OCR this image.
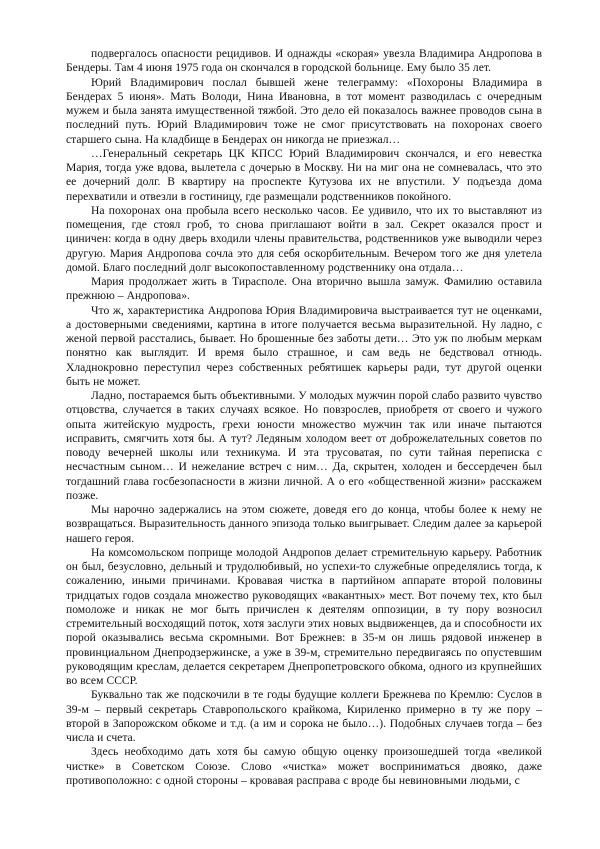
подвергалось опасности рецидивов. И однажды «скорая» увезла Владимира Андропова в Бендеры. Там 4 июня 1975 года он скончался в городской больнице. Ему было 35 лет.

Юрий Владимирович послал бывшей жене телеграмму: «Похороны Владимира в Бендерах 5 июня». Мать Володи, Нина Ивановна, в тот момент разводилась с очередным мужем и была занята имущественной тяжбой. Это дело ей показалось важнее проводов сына в последний путь. Юрий Владимирович тоже не смог присутствовать на похоронах своего старшего сына. На кладбище в Бендерах он никогда не приезжал…

…Генеральный секретарь ЦК КПСС Юрий Владимирович скончался, и его невестка Мария, тогда уже вдова, вылетела с дочерью в Москву. Ни на миг она не сомневалась, что это ее дочерний долг. В квартиру на проспекте Кутузова их не впустили. У подъезда дома перехватили и отвезли в гостиницу, где размещали родственников покойного.

На похоронах она пробыла всего несколько часов. Ее удивило, что их то выставляют из помещения, где стоял гроб, то снова приглашают войти в зал. Секрет оказался прост и циничен: когда в одну дверь входили члены правительства, родственников уже выводили через другую. Мария Андропова сочла это для себя оскорбительным. Вечером того же дня улетела домой. Благо последний долг высокопоставленному родственнику она отдала…

Мария продолжает жить в Тирасполе. Она вторично вышла замуж. Фамилию оставила прежнюю – Андропова».

Что ж, характеристика Андропова Юрия Владимировича выстраивается тут не оценками, а достоверными сведениями, картина в итоге получается весьма выразительной. Ну ладно, с женой первой расстались, бывает. Но брошенные без заботы дети… Это уж по любым меркам понятно как выглядит. И время было страшное, и сам ведь не бедствовал отнюдь. Хладнокровно переступил через собственных ребятишек карьеры ради, тут другой оценки быть не может.

Ладно, постараемся быть объективными. У молодых мужчин порой слабо развито чувство отцовства, случается в таких случаях всякое. Но повзрослев, приобретя от своего и чужого опыта житейскую мудрость, грехи юности множество мужчин так или иначе пытаются исправить, смягчить хотя бы. А тут? Ледяным холодом веет от доброжелательных советов по поводу вечерней школы или техникума. И эта трусоватая, по сути тайная переписка с несчастным сыном… И нежелание встреч с ним… Да, скрытен, холоден и бессердечен был тогдашний глава госбезопасности в жизни личной. А о его «общественной жизни» расскажем позже.

Мы нарочно задержались на этом сюжете, доведя его до конца, чтобы более к нему не возвращаться. Выразительность данного эпизода только выигрывает. Следим далее за карьерой нашего героя.

На комсомольском поприще молодой Андропов делает стремительную карьеру. Работник он был, безусловно, дельный и трудолюбивый, но успехи-то служебные определялись тогда, к сожалению, иными причинами. Кровавая чистка в партийном аппарате второй половины тридцатых годов создала множество руководящих «вакантных» мест. Вот почему тех, кто был помоложе и никак не мог быть причислен к деятелям оппозиции, в ту пору возносил стремительный восходящий поток, хотя заслуги этих новых выдвиженцев, да и способности их порой оказывались весьма скромными. Вот Брежнев: в 35-м он лишь рядовой инженер в провинциальном Днепродзержинске, а уже в 39-м, стремительно передвигаясь по опустевшим руководящим креслам, делается секретарем Днепропетровского обкома, одного из крупнейших во всем СССР.

Буквально так же подскочили в те годы будущие коллеги Брежнева по Кремлю: Суслов в 39-м – первый секретарь Ставропольского крайкома, Кириленко примерно в ту же пору – второй в Запорожском обкоме и т.д. (а им и сорока не было…). Подобных случаев тогда – без числа и счета.

Здесь необходимо дать хотя бы самую общую оценку произошедшей тогда «великой чистке» в Советском Союзе. Слово «чистка» может восприниматься двояко, даже противоположно: с одной стороны – кровавая расправа с вроде бы невиновными людьми, с
